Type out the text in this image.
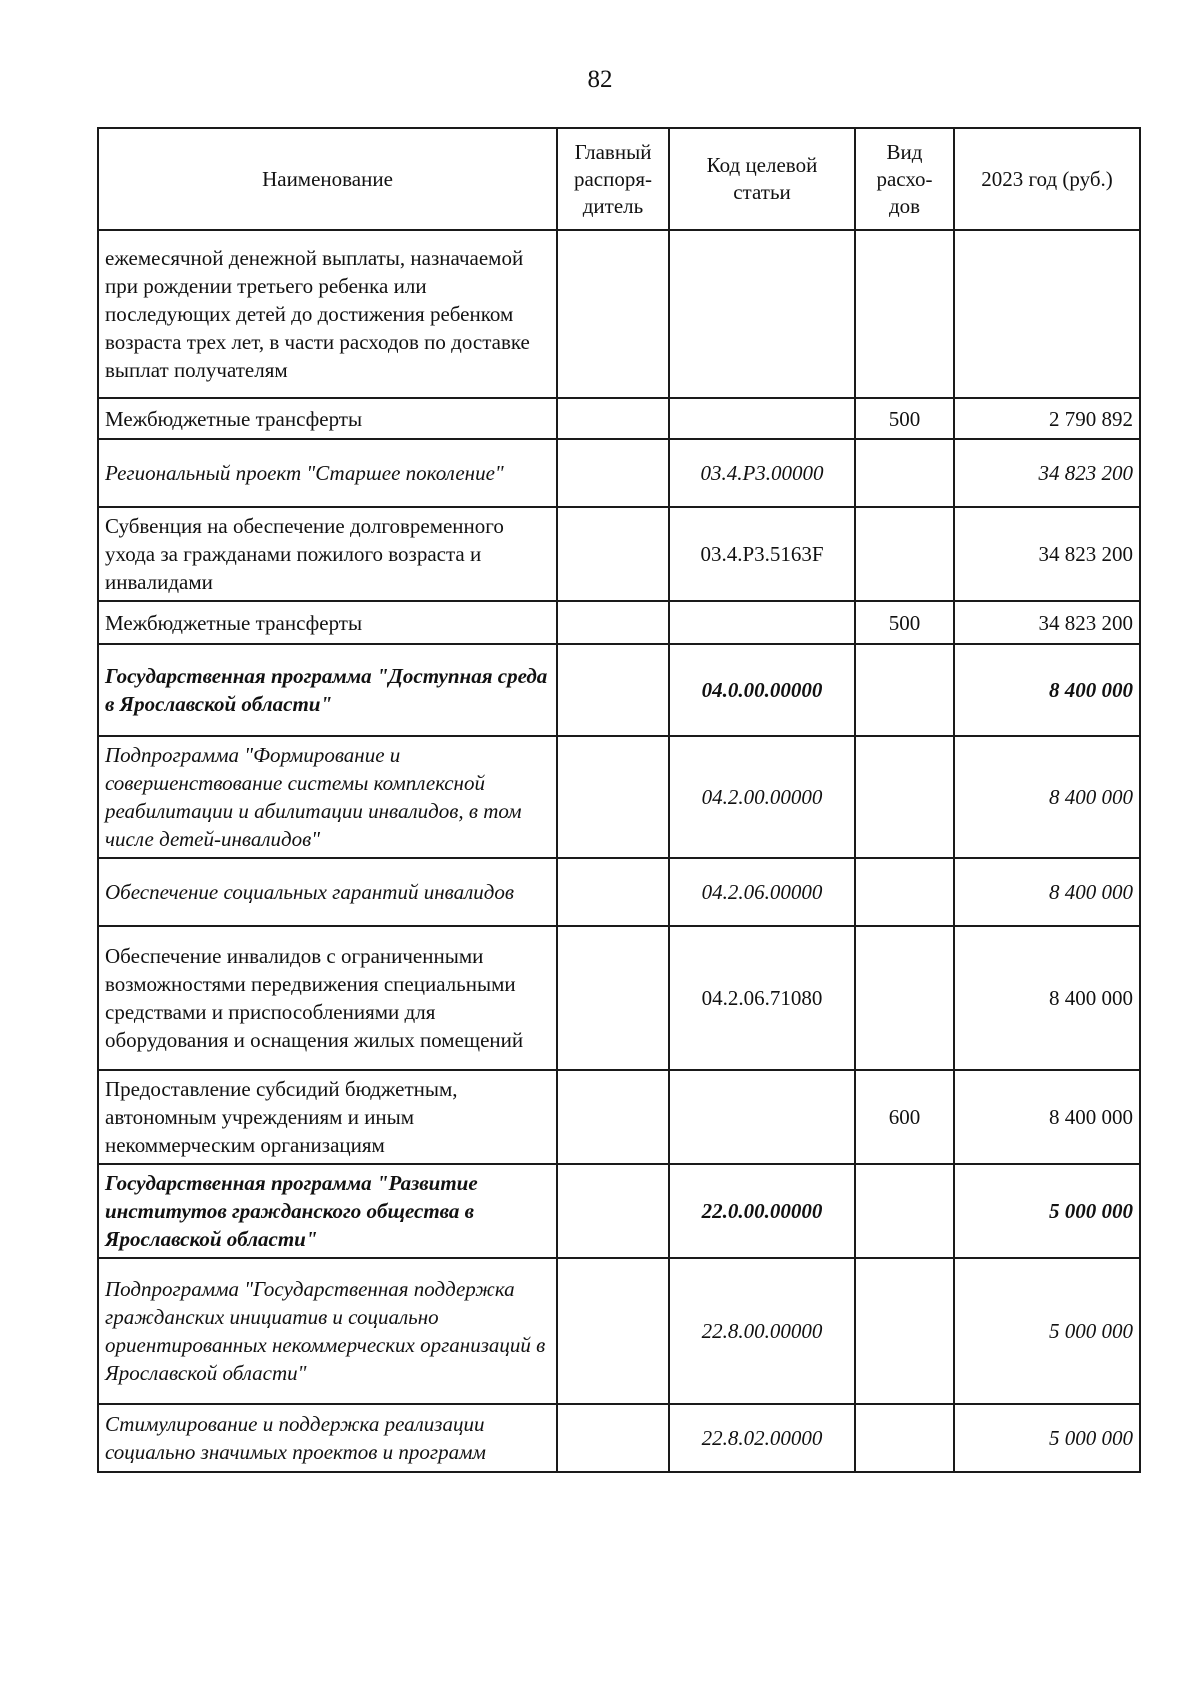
82
Наименование	Главный распоря-дитель	Код целевой статьи	Вид расхо-дов	2023 год (руб.)
ежемесячной денежной выплаты, назначаемой при рождении третьего ребенка или последующих детей до достижения ребенком возраста трех лет, в части расходов по доставке выплат получателям				
Межбюджетные трансферты			500	2 790 892
Региональный проект "Старшее поколение"		03.4.P3.00000		34 823 200
Субвенция на обеспечение долговременного ухода за гражданами пожилого возраста и инвалидами		03.4.P3.5163F		34 823 200
Межбюджетные трансферты			500	34 823 200
Государственная программа "Доступная среда в Ярославской области"		04.0.00.00000		8 400 000
Подпрограмма "Формирование и совершенствование системы комплексной реабилитации и абилитации инвалидов, в том числе детей-инвалидов"		04.2.00.00000		8 400 000
Обеспечение социальных гарантий инвалидов		04.2.06.00000		8 400 000
Обеспечение инвалидов с ограниченными возможностями передвижения специальными средствами и приспособлениями для оборудования и оснащения жилых помещений		04.2.06.71080		8 400 000
Предоставление субсидий бюджетным, автономным учреждениям и иным некоммерческим организациям			600	8 400 000
Государственная программа "Развитие институтов гражданского общества в Ярославской области"		22.0.00.00000		5 000 000
Подпрограмма "Государственная поддержка гражданских инициатив и социально ориентированных некоммерческих организаций в Ярославской области"		22.8.00.00000		5 000 000
Стимулирование и поддержка реализации социально значимых проектов и программ		22.8.02.00000		5 000 000
